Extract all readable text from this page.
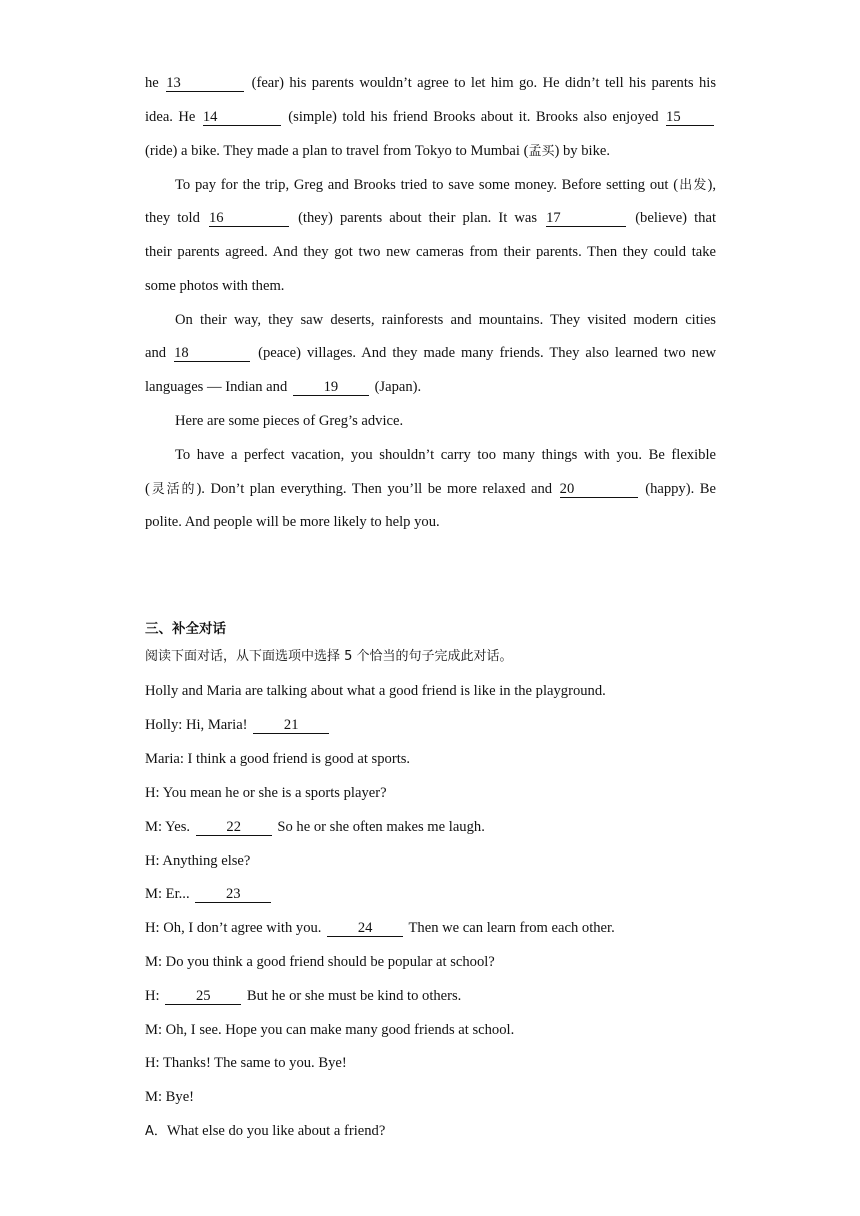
he 13	(fear) his parents wouldn’t agree to let him go. He didn’t tell his parents his
idea. He 14	(simple) told his friend Brooks about it. Brooks also enjoyed 15
(ride) a bike. They made a plan to travel from Tokyo to Mumbai (孟买) by bike.
To pay for the trip, Greg and Brooks tried to save some money. Before setting out (出发),
they told 16	(they) parents about their plan. It was 17	(believe) that
their parents agreed. And they got two new cameras from their parents. Then they could take
some photos with them.
On their way, they saw deserts, rainforests and mountains. They visited modern cities
and 18	(peace) villages. And they made many friends. They also learned two new
languages — Indian and 19 (Japan).
Here are some pieces of Greg’s advice.
To have a perfect vacation, you shouldn’t carry too many things with you. Be flexible
(灵活的). Don’t plan everything. Then you’ll be more relaxed and 20	(happy). Be
polite. And people will be more likely to help you.
三、补全对话
阅读下面对话，从下面选项中选择 5 个恰当的句子完成此对话。
Holly and Maria are talking about what a good friend is like in the playground.
Holly: Hi, Maria! 21
Maria: I think a good friend is good at sports.
H: You mean he or she is a sports player?
M: Yes. 22 So he or she often makes me laugh.
H: Anything else?
M: Er... 23
H: Oh, I don’t agree with you. 24 Then we can learn from each other.
M: Do you think a good friend should be popular at school?
H: 25 But he or she must be kind to others.
M: Oh, I see. Hope you can make many good friends at school.
H: Thanks! The same to you. Bye!
M: Bye!
A．What else do you like about a friend?
